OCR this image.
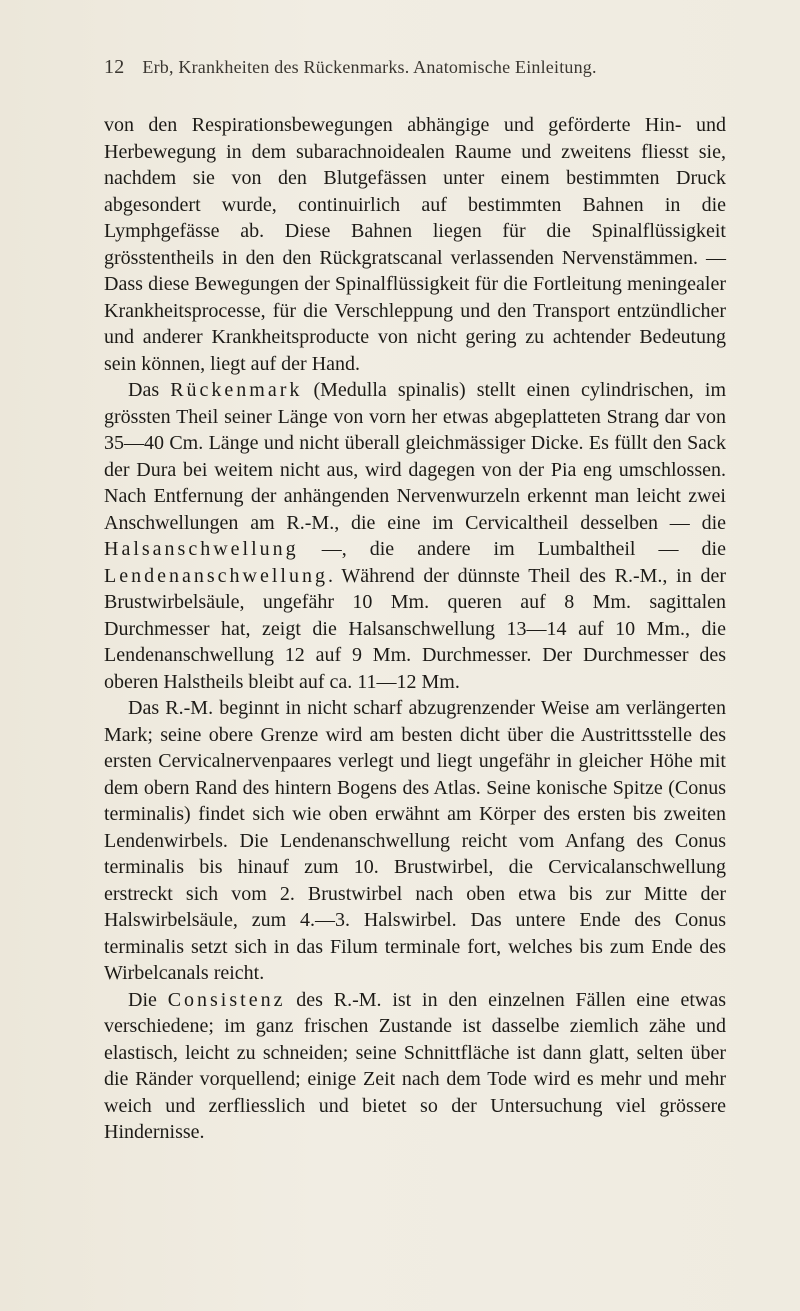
12 Erb, Krankheiten des Rückenmarks. Anatomische Einleitung.

von den Respirationsbewegungen abhängige und geförderte Hin- und Herbewegung in dem subarachnoidealen Raume und zweitens fliesst sie, nachdem sie von den Blutgefässen unter einem bestimmten Druck abgesondert wurde, continuirlich auf bestimmten Bahnen in die Lymphgefässe ab. Diese Bahnen liegen für die Spinalflüssigkeit grösstentheils in den den Rückgratscanal verlassenden Nervenstämmen. — Dass diese Bewegungen der Spinalflüssigkeit für die Fortleitung meningealer Krankheitsprocesse, für die Verschleppung und den Transport entzündlicher und anderer Krankheitsproducte von nicht gering zu achtender Bedeutung sein können, liegt auf der Hand.

Das Rückenmark (Medulla spinalis) stellt einen cylindrischen, im grössten Theil seiner Länge von vorn her etwas abgeplatteten Strang dar von 35—40 Cm. Länge und nicht überall gleichmässiger Dicke. Es füllt den Sack der Dura bei weitem nicht aus, wird dagegen von der Pia eng umschlossen. Nach Entfernung der anhängenden Nervenwurzeln erkennt man leicht zwei Anschwellungen am R.-M., die eine im Cervicaltheil desselben — die Halsanschwellung —, die andere im Lumbaltheil — die Lendenanschwellung. Während der dünnste Theil des R.-M., in der Brustwirbelsäule, ungefähr 10 Mm. queren auf 8 Mm. sagittalen Durchmesser hat, zeigt die Halsanschwellung 13—14 auf 10 Mm., die Lendenanschwellung 12 auf 9 Mm. Durchmesser. Der Durchmesser des oberen Halstheils bleibt auf ca. 11—12 Mm.

Das R.-M. beginnt in nicht scharf abzugrenzender Weise am verlängerten Mark; seine obere Grenze wird am besten dicht über die Austrittsstelle des ersten Cervicalnervenpaares verlegt und liegt ungefähr in gleicher Höhe mit dem obern Rand des hintern Bogens des Atlas. Seine konische Spitze (Conus terminalis) findet sich wie oben erwähnt am Körper des ersten bis zweiten Lendenwirbels. Die Lendenanschwellung reicht vom Anfang des Conus terminalis bis hinauf zum 10. Brustwirbel, die Cervicalanschwellung erstreckt sich vom 2. Brustwirbel nach oben etwa bis zur Mitte der Halswirbelsäule, zum 4.—3. Halswirbel. Das untere Ende des Conus terminalis setzt sich in das Filum terminale fort, welches bis zum Ende des Wirbelcanals reicht.

Die Consistenz des R.-M. ist in den einzelnen Fällen eine etwas verschiedene; im ganz frischen Zustande ist dasselbe ziemlich zähe und elastisch, leicht zu schneiden; seine Schnittfläche ist dann glatt, selten über die Ränder vorquellend; einige Zeit nach dem Tode wird es mehr und mehr weich und zerfliesslich und bietet so der Untersuchung viel grössere Hindernisse.
